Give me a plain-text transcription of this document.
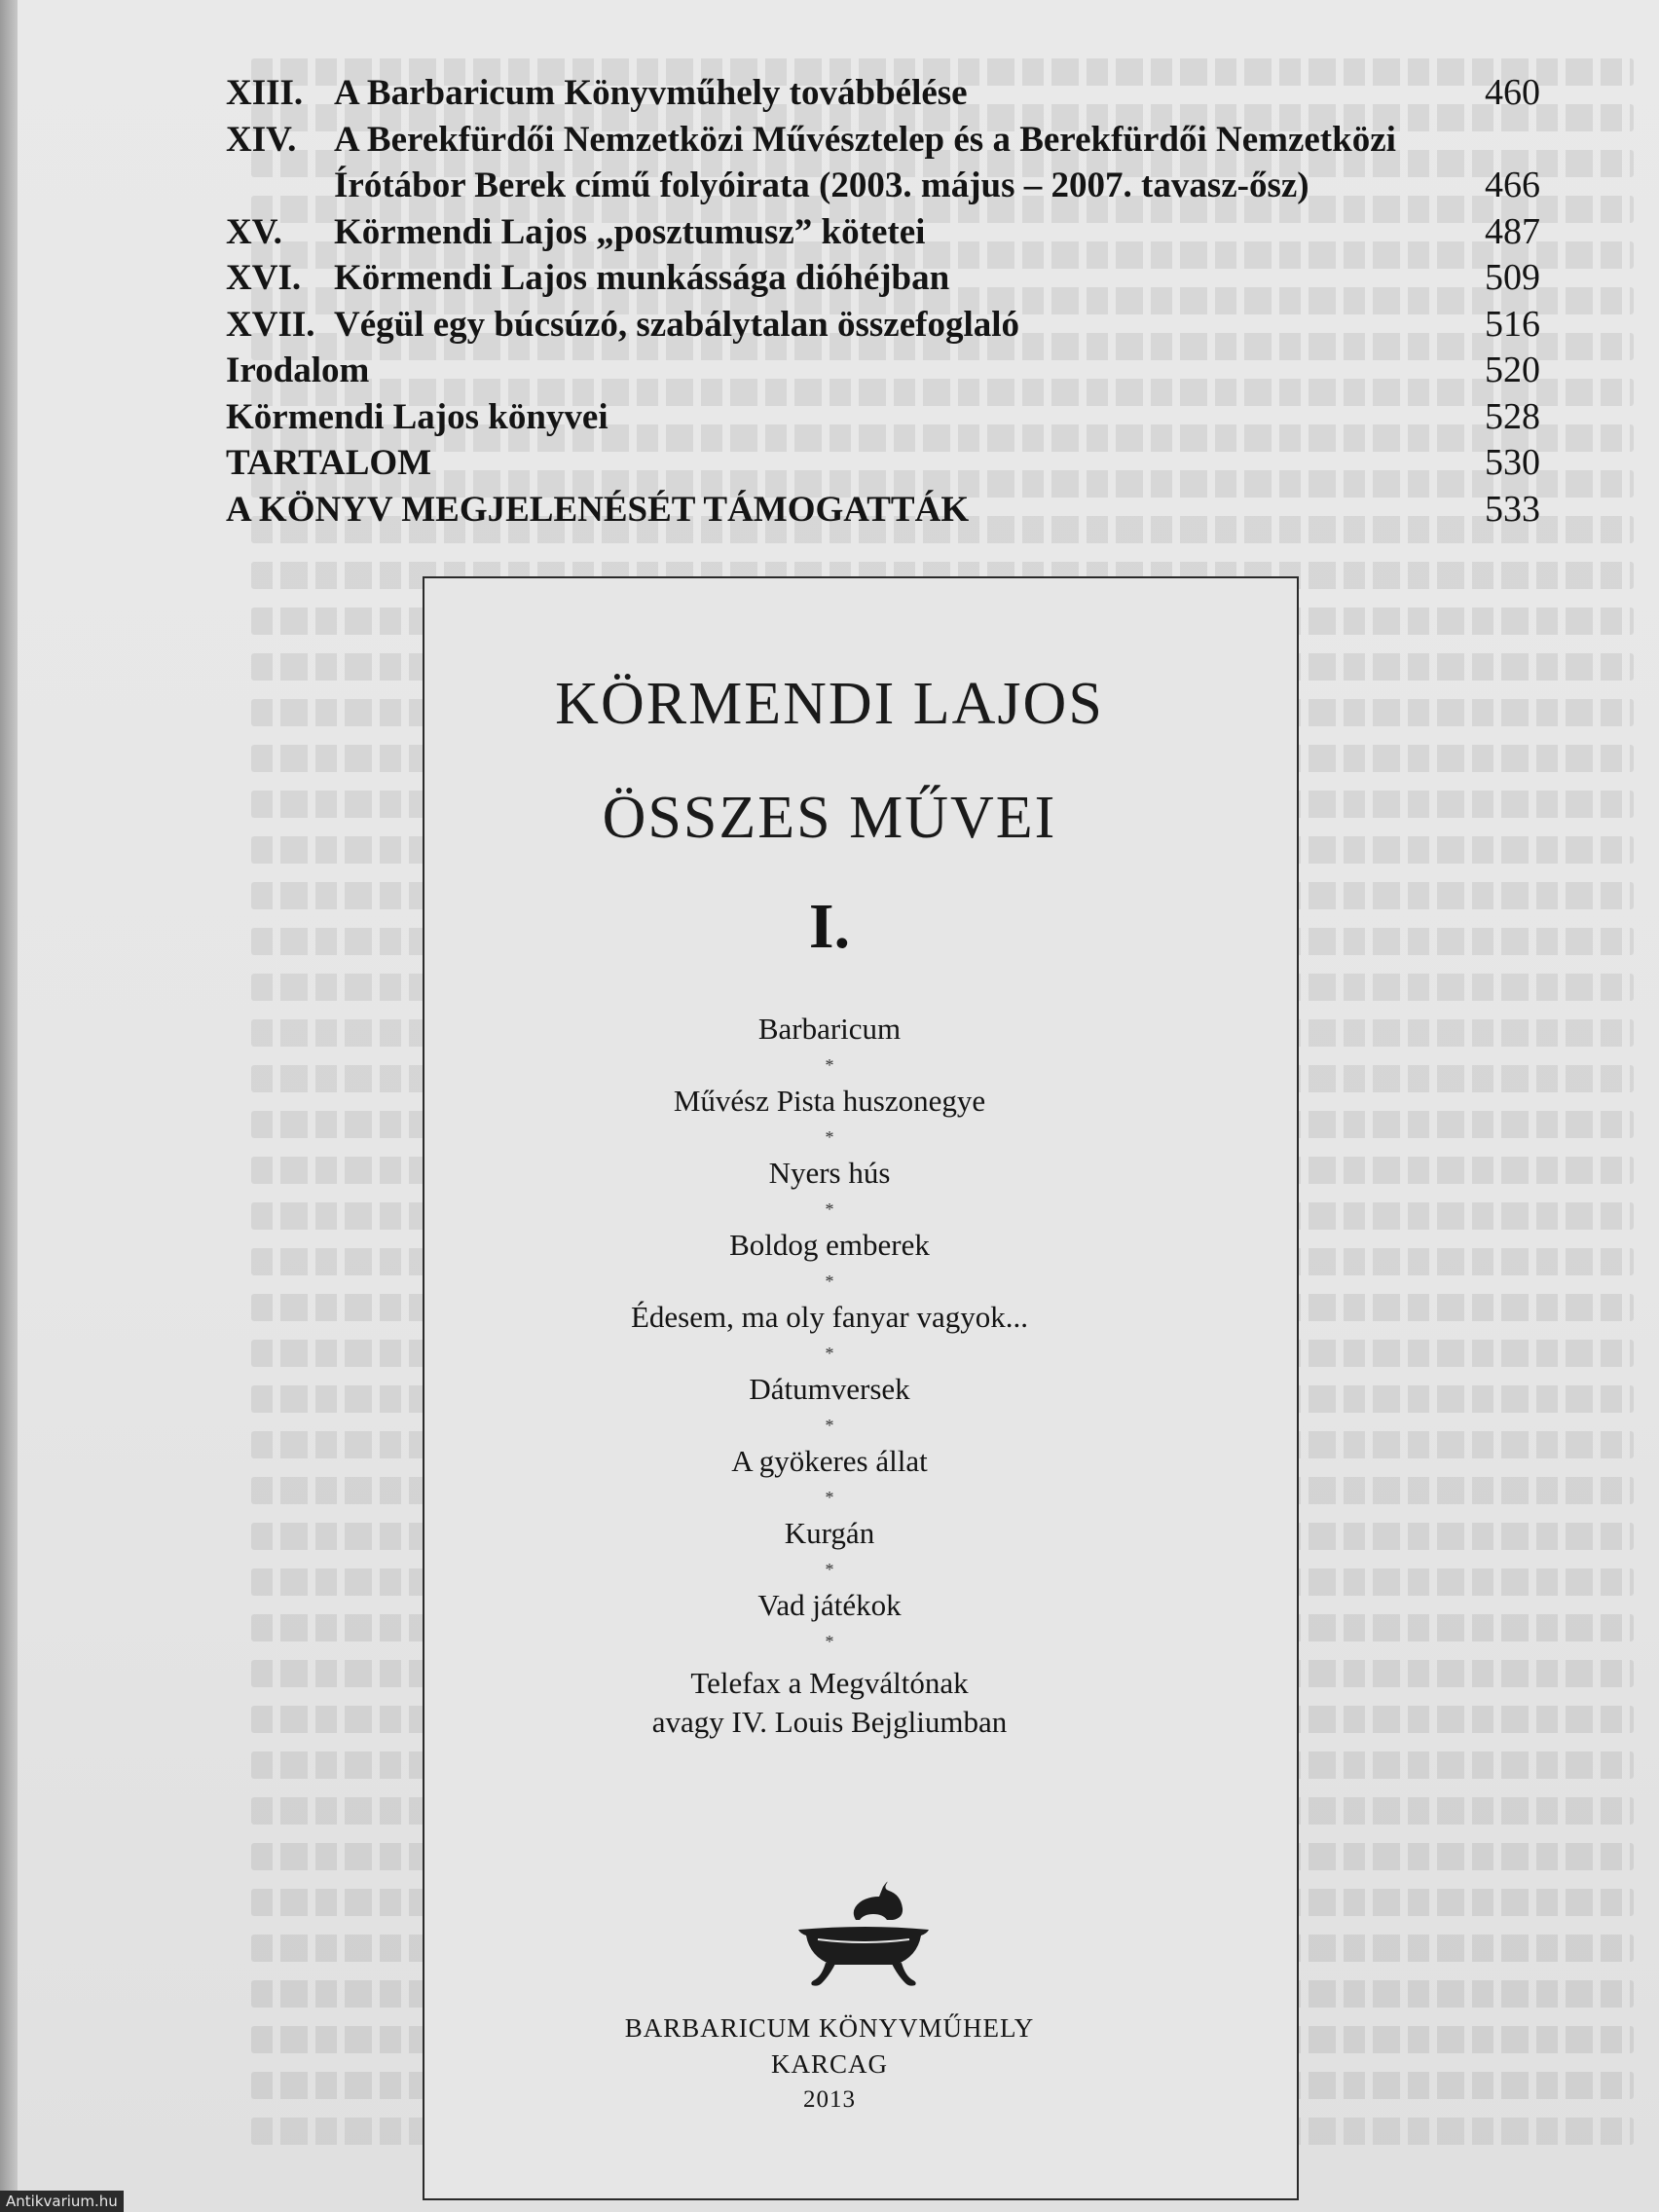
XIII. A Barbaricum Könyvműhely továbbélése	460
XIV.	A Berekfürdői Nemzetközi Művésztelep és a Berekfürdői Nemzetközi
Írótábor Berek című folyóirata (2003. május – 2007. tavasz-ősz)	466
XV.	Körmendi Lajos „posztumusz” kötetei	487
XVI. Körmendi Lajos munkássága dióhéjban	509
XVII. Végül egy búcsúzó, szabálytalan összefoglaló	516
Irodalom	520
Körmendi Lajos könyvei	528
TARTALOM	530
A KÖNYV MEGJELENÉSÉT TÁMOGATTÁK	533
KÖRMENDI LAJOS
ÖSSZES MŰVEI
I.
Barbaricum
*
Művész Pista huszonegye
*
Nyers hús
*
Boldog emberek
*
Édesem, ma oly fanyar vagyok...
*
Dátumversek
*
A gyökeres állat
*
Kurgán
*
Vad játékok
*
Telefax a Megváltónak
avagy IV. Louis Bejgliumban
BARBARICUM KÖNYVMŰHELY
KARCAG
2013
Antikvarium.hu
